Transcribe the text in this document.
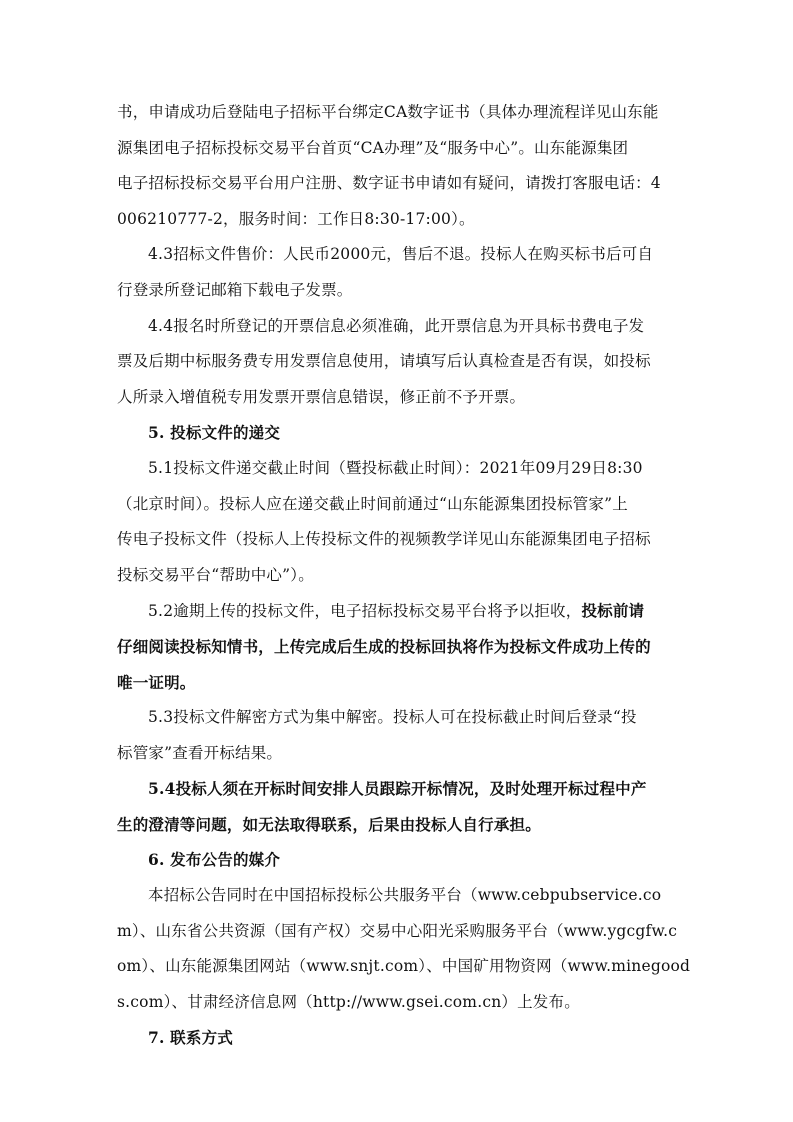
书，申请成功后登陆电子招标平台绑定CA数字证书（具体办理流程详见山东能
源集团电子招标投标交易平台首页“CA办理”及“服务中心”。山东能源集团
电子招标投标交易平台用户注册、数字证书申请如有疑问，请拨打客服电话：4
006210777-2，服务时间：工作日8:30-17:00）。
4.3招标文件售价：人民币2000元，售后不退。投标人在购买标书后可自
行登录所登记邮箱下载电子发票。
4.4报名时所登记的开票信息必须准确，此开票信息为开具标书费电子发
票及后期中标服务费专用发票信息使用，请填写后认真检查是否有误，如投标
人所录入增值税专用发票开票信息错误，修正前不予开票。
5. 投标文件的递交
5.1投标文件递交截止时间（暨投标截止时间）：2021年09月29日8:30
（北京时间）。投标人应在递交截止时间前通过“山东能源集团投标管家”上
传电子投标文件（投标人上传投标文件的视频教学详见山东能源集团电子招标
投标交易平台“帮助中心”）。
5.2逾期上传的投标文件，电子招标投标交易平台将予以拒收，投标前请
仔细阅读投标知情书，上传完成后生成的投标回执将作为投标文件成功上传的
唯一证明。
5.3投标文件解密方式为集中解密。投标人可在投标截止时间后登录“投
标管家”查看开标结果。
5.4投标人须在开标时间安排人员跟踪开标情况，及时处理开标过程中产
生的澄清等问题，如无法取得联系，后果由投标人自行承担。
6. 发布公告的媒介
本招标公告同时在中国招标投标公共服务平台（www.cebpubservice.co
m）、山东省公共资源（国有产权）交易中心阳光采购服务平台（www.ygcgfw.c
om）、山东能源集团网站（www.snjt.com）、中国矿用物资网（www.minegood
s.com）、甘肃经济信息网（http://www.gsei.com.cn）上发布。
7. 联系方式
